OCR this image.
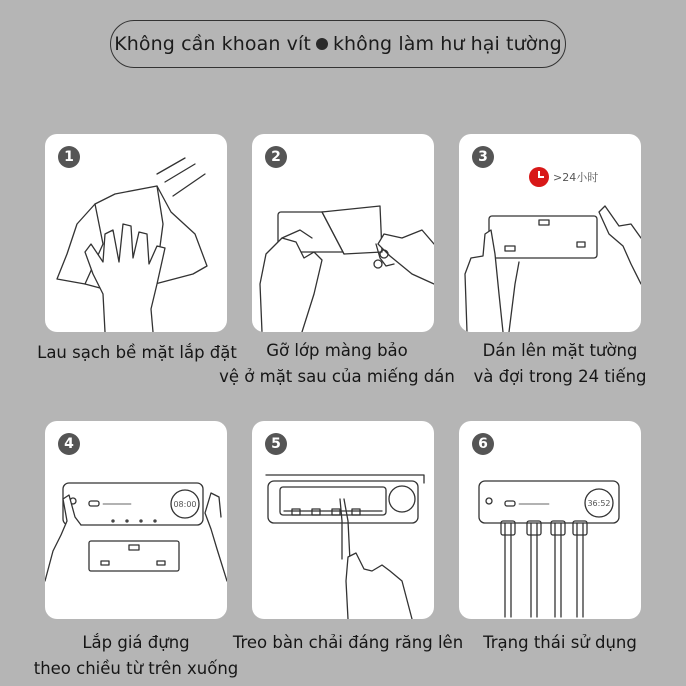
Không cần khoan vít không làm hư hại tường
1
Lau sạch bề mặt lắp đặt
2
Gỡ lớp màng bảo
vệ ở mặt sau của miếng dán
3
>24小时
Dán lên mặt tường
và đợi trong 24 tiếng
4
08:00
Lắp giá đựng
theo chiều từ trên xuống
5
Treo bàn chải đáng răng lên
6
36:52
Trạng thái sử dụng
